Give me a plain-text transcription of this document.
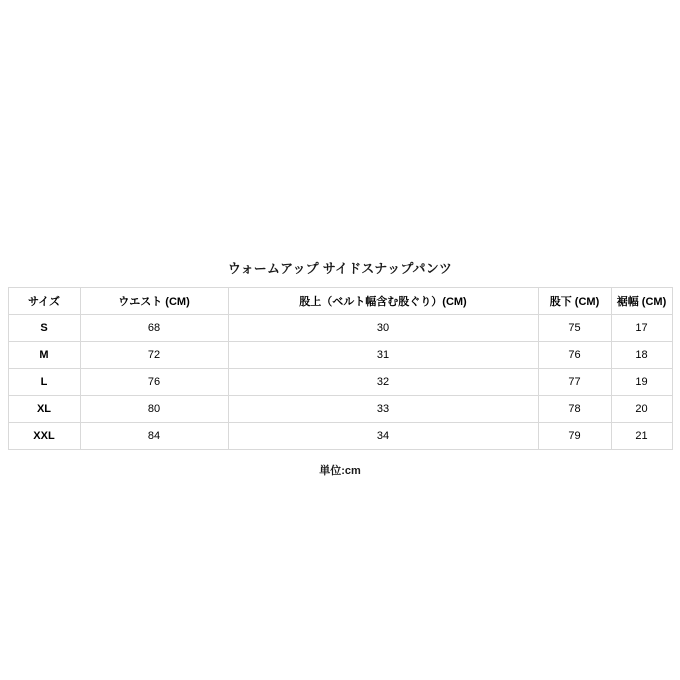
ウォームアップ サイドスナップパンツ
サイズ	ウエスト (CM)	股上（ベルト幅含む股ぐり）(CM)	股下 (CM)	裾幅 (CM)
S	68	30	75	17
M	72	31	76	18
L	76	32	77	19
XL	80	33	78	20
XXL	84	34	79	21
単位:cm
